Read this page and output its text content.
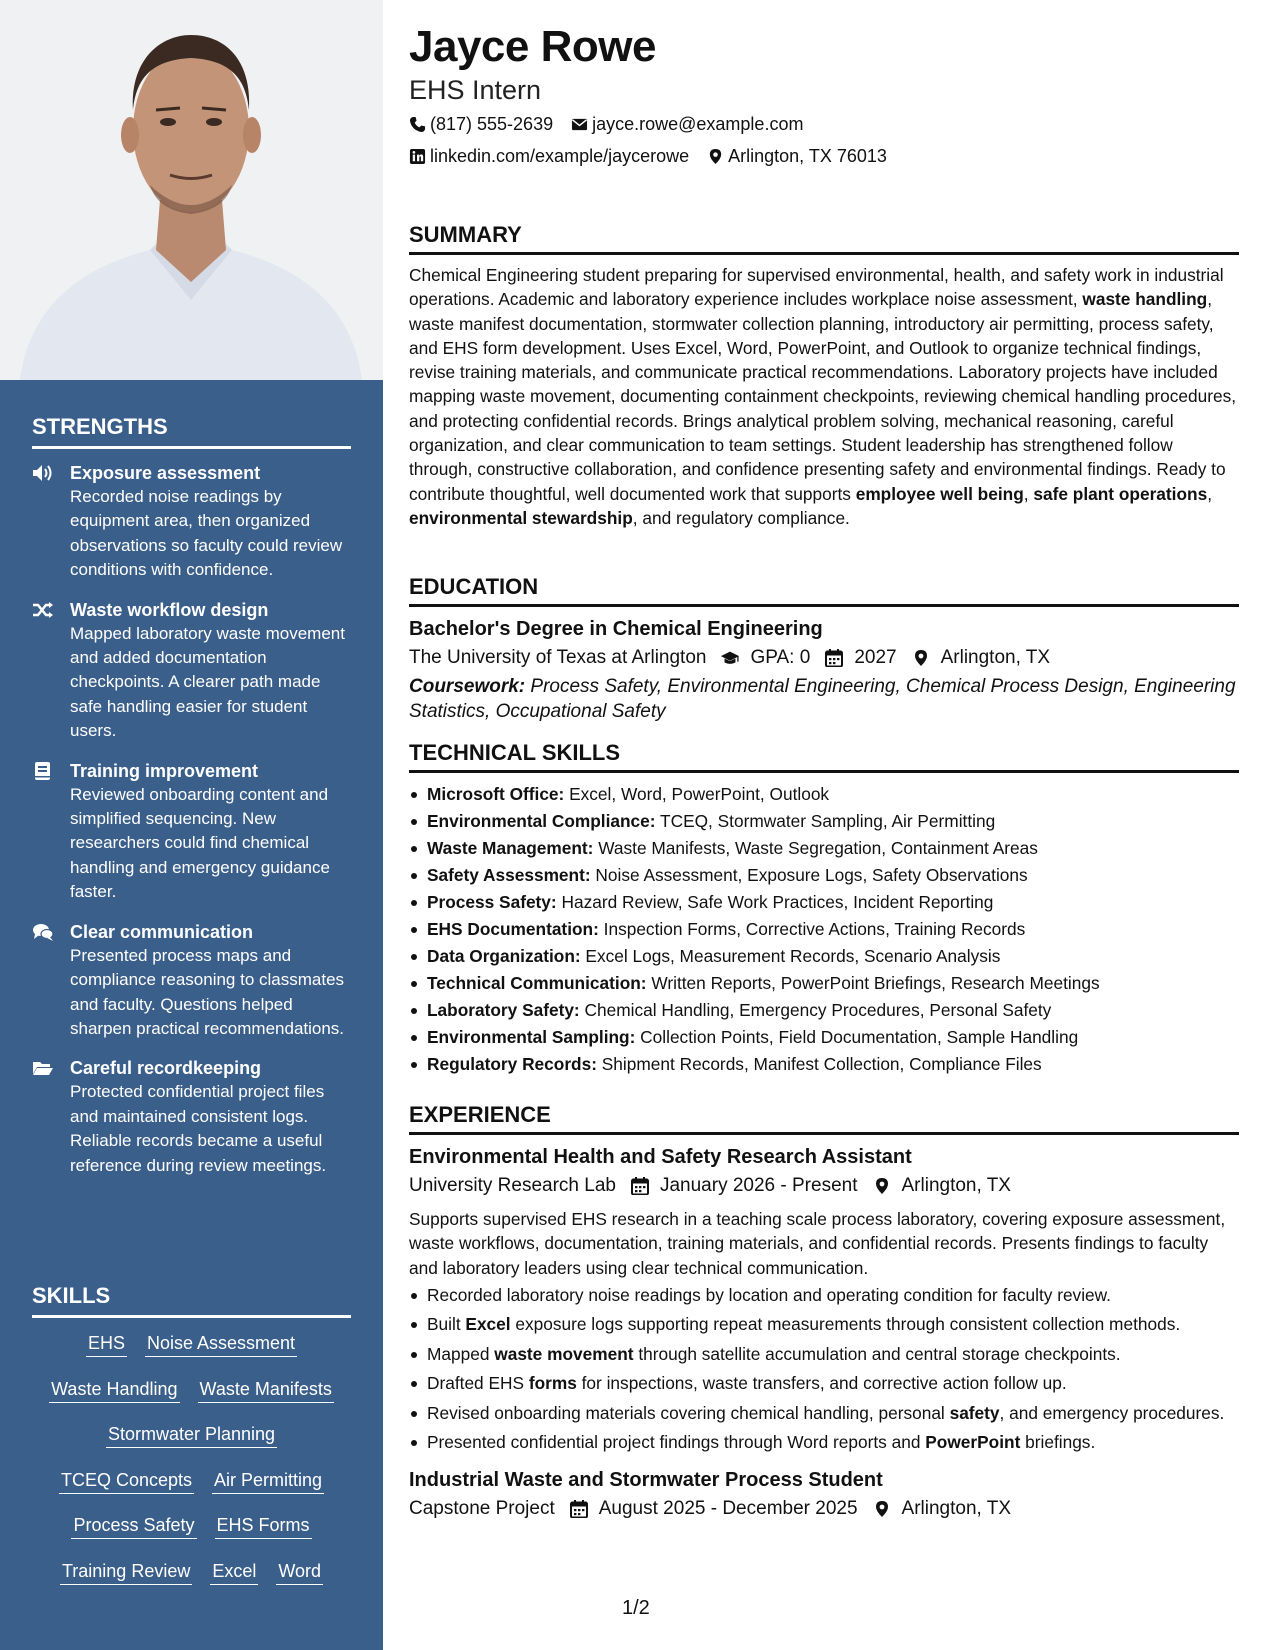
STRENGTHS
Exposure assessment
Recorded noise readings by equipment area, then organized observations so faculty could review conditions with confidence.
Waste workflow design
Mapped laboratory waste movement and added documentation checkpoints. A clearer path made safe handling easier for student users.
Training improvement
Reviewed onboarding content and simplified sequencing. New researchers could find chemical handling and emergency guidance faster.
Clear communication
Presented process maps and compliance reasoning to classmates and faculty. Questions helped sharpen practical recommendations.
Careful recordkeeping
Protected confidential project files and maintained consistent logs. Reliable records became a useful reference during review meetings.
SKILLS
EHS Noise Assessment
Waste Handling Waste Manifests
Stormwater Planning
TCEQ Concepts Air Permitting
Process Safety EHS Forms
Training Review Excel Word
Jayce Rowe
EHS Intern
(817) 555-2639 jayce.rowe@example.com
linkedin.com/example/jaycerowe Arlington, TX 76013
SUMMARY
Chemical Engineering student preparing for supervised environmental, health, and safety work in industrial operations. Academic and laboratory experience includes workplace noise assessment, waste handling, waste manifest documentation, stormwater collection planning, introductory air permitting, process safety, and EHS form development. Uses Excel, Word, PowerPoint, and Outlook to organize technical findings, revise training materials, and communicate practical recommendations. Laboratory projects have included mapping waste movement, documenting containment checkpoints, reviewing chemical handling procedures, and protecting confidential records. Brings analytical problem solving, mechanical reasoning, careful organization, and clear communication to team settings. Student leadership has strengthened follow through, constructive collaboration, and confidence presenting safety and environmental findings. Ready to contribute thoughtful, well documented work that supports employee well being, safe plant operations, environmental stewardship, and regulatory compliance.
EDUCATION
Bachelor's Degree in Chemical Engineering
The University of Texas at Arlington GPA: 0 2027 Arlington, TX
Coursework: Process Safety, Environmental Engineering, Chemical Process Design, Engineering Statistics, Occupational Safety
TECHNICAL SKILLS
Microsoft Office: Excel, Word, PowerPoint, Outlook
Environmental Compliance: TCEQ, Stormwater Sampling, Air Permitting
Waste Management: Waste Manifests, Waste Segregation, Containment Areas
Safety Assessment: Noise Assessment, Exposure Logs, Safety Observations
Process Safety: Hazard Review, Safe Work Practices, Incident Reporting
EHS Documentation: Inspection Forms, Corrective Actions, Training Records
Data Organization: Excel Logs, Measurement Records, Scenario Analysis
Technical Communication: Written Reports, PowerPoint Briefings, Research Meetings
Laboratory Safety: Chemical Handling, Emergency Procedures, Personal Safety
Environmental Sampling: Collection Points, Field Documentation, Sample Handling
Regulatory Records: Shipment Records, Manifest Collection, Compliance Files
EXPERIENCE
Environmental Health and Safety Research Assistant
University Research Lab January 2026 - Present Arlington, TX
Supports supervised EHS research in a teaching scale process laboratory, covering exposure assessment, waste workflows, documentation, training materials, and confidential records. Presents findings to faculty and laboratory leaders using clear technical communication.
Recorded laboratory noise readings by location and operating condition for faculty review.
Built Excel exposure logs supporting repeat measurements through consistent collection methods.
Mapped waste movement through satellite accumulation and central storage checkpoints.
Drafted EHS forms for inspections, waste transfers, and corrective action follow up.
Revised onboarding materials covering chemical handling, personal safety, and emergency procedures.
Presented confidential project findings through Word reports and PowerPoint briefings.
Industrial Waste and Stormwater Process Student
Capstone Project August 2025 - December 2025 Arlington, TX
1/2
